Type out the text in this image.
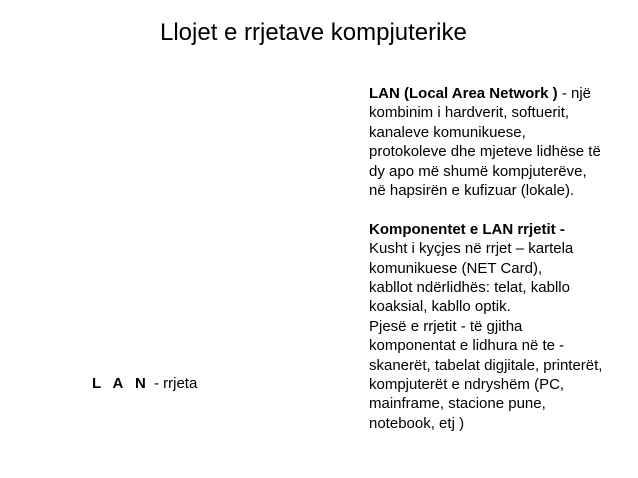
Llojet e rrjetave kompjuterike
LAN (Local Area Network ) - një
kombinim i hardverit, softuerit,
kanaleve komunikuese,
protokoleve dhe mjeteve lidhëse të
dy apo më shumë kompjuterëve,
në hapsirën e kufizuar (lokale).
Komponentet e LAN rrjetit -
Kusht i kyçjes në rrjet – kartela
komunikuese (NET Card),
kabllot ndërlidhës: telat, kabllo
koaksial, kabllo optik.
Pjesë e rrjetit - të gjitha
komponentat e lidhura në te -
skanerët, tabelat digjitale, printerët,
kompjuterët e ndryshëm (PC,
mainframe, stacione pune,
notebook, etj )
L A N - rrjeta
